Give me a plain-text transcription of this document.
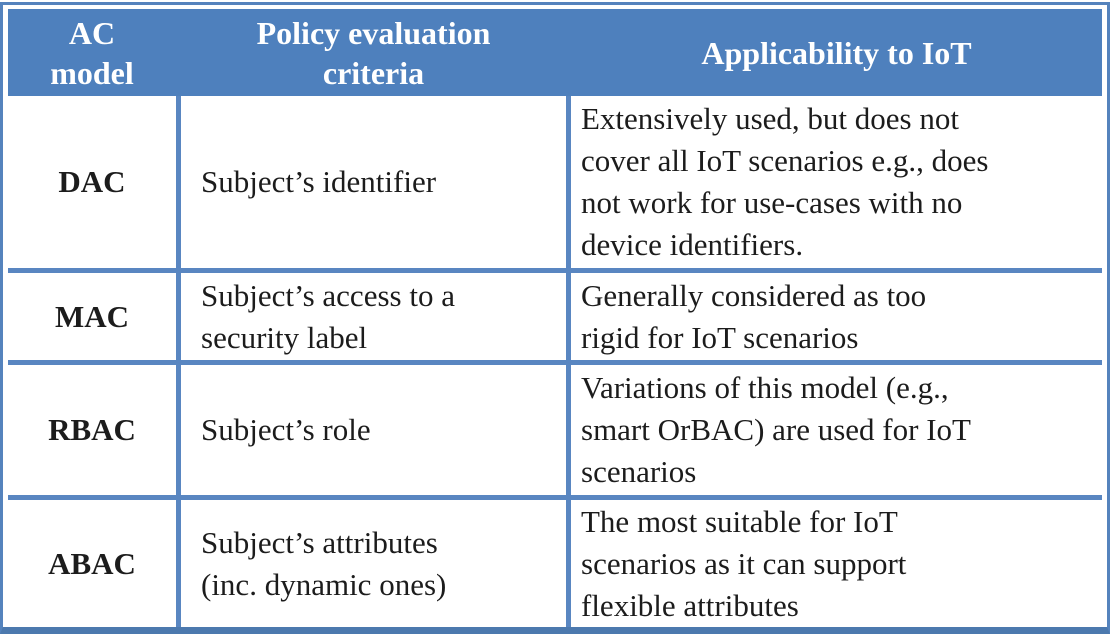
AC
model
Policy evaluation
criteria
Applicability to IoT
DAC Subject’s identifier
Extensively used, but does not
cover all IoT scenarios e.g., does
not work for use-cases with no
device identifiers.
MAC
Subject’s access to a
security label
Generally considered as too
rigid for IoT scenarios
RBAC Subject’s role
Variations of this model (e.g.,
smart OrBAC) are used for IoT
scenarios
ABAC
Subject’s attributes
(inc. dynamic ones)
The most suitable for IoT
scenarios as it can support
flexible attributes
